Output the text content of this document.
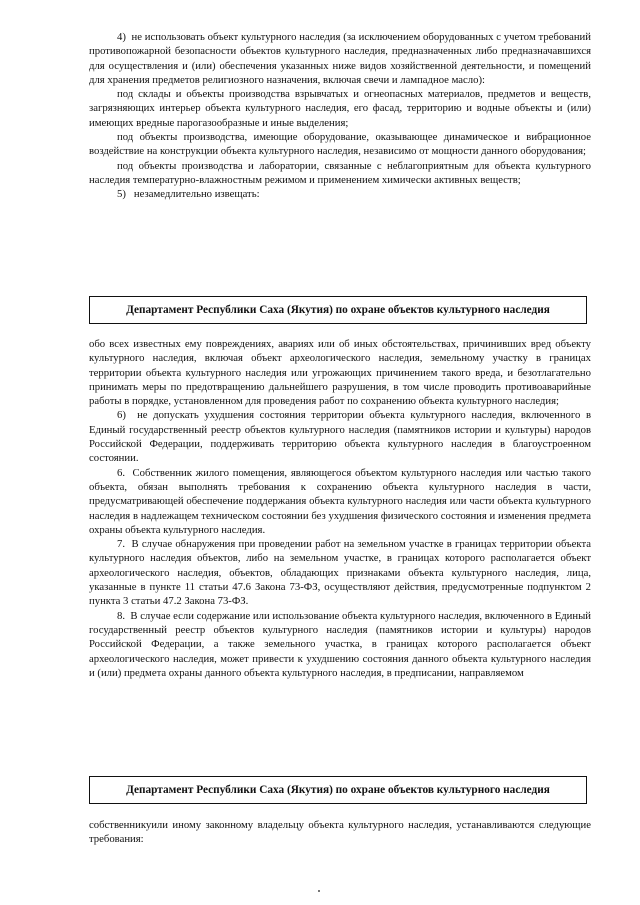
4)  не использовать объект культурного наследия (за исключением оборудованных с учетом требований противопожарной безопасности объектов культурного наследия, предназначенных либо предназначавшихся для осуществления и (или) обеспечения указанных ниже видов хозяйственной деятельности, и помещений для хранения предметов религиозного назначения, включая свечи и лампадное масло):

под склады и объекты производства взрывчатых и огнеопасных материалов, предметов и веществ, загрязняющих интерьер объекта культурного наследия, его фасад, территорию и водные объекты и (или) имеющих вредные парогазообразные и иные выделения;

под объекты производства, имеющие оборудование, оказывающее динамическое и вибрационное воздействие на конструкции объекта культурного наследия, независимо от мощности данного оборудования;

под объекты производства и лаборатории, связанные с неблагоприятным для объекта культурного наследия температурно-влажностным режимом и применением химически активных веществ;

5)   незамедлительно извещать:

Департамент Республики Саха (Якутия) по охране объектов культурного наследия

обо всех известных ему повреждениях, авариях или об иных обстоятельствах, причинивших вред объекту культурного наследия, включая объект археологического наследия, земельному участку в границах территории объекта культурного наследия или угрожающих причинением такого вреда, и безотлагательно принимать меры по предотвращению дальнейшего разрушения, в том числе проводить противоаварийные работы в порядке, установленном для проведения работ по сохранению объекта культурного наследия;

6)  не допускать ухудшения состояния территории объекта культурного наследия, включенного в Единый государственный реестр объектов культурного наследия (памятников истории и культуры) народов Российской Федерации, поддерживать территорию объекта культурного наследия в благоустроенном состоянии.

6.  Собственник жилого помещения, являющегося объектом культурного наследия или частью такого объекта, обязан выполнять требования к сохранению объекта культурного наследия в части, предусматривающей обеспечение поддержания объекта культурного наследия или части объекта культурного наследия в надлежащем техническом состоянии без ухудшения физического состояния и изменения предмета охраны объекта культурного наследия.

7.  В случае обнаружения при проведении работ на земельном участке в границах территории объекта культурного наследия объектов, либо на земельном участке, в границах которого располагается объект археологического наследия, объектов, обладающих признаками объекта культурного наследия, лица, указанные в пункте 11 статьи 47.6 Закона 73-ФЗ, осуществляют действия, предусмотренные подпунктом 2 пункта 3 статьи 47.2 Закона 73-ФЗ.

8.  В случае если содержание или использование объекта культурного наследия, включенного в Единый государственный реестр объектов культурного наследия (памятников истории и культуры) народов Российской Федерации, а также земельного участка, в границах которого располагается объект археологического наследия, может привести к ухудшению состояния данного объекта культурного наследия и (или) предмета охраны данного объекта культурного наследия, в предписании, направляемом

Департамент Республики Саха (Якутия) по охране объектов культурного наследия

собственникуили иному законному владельцу объекта культурного наследия, устанавливаются следующие требования:
